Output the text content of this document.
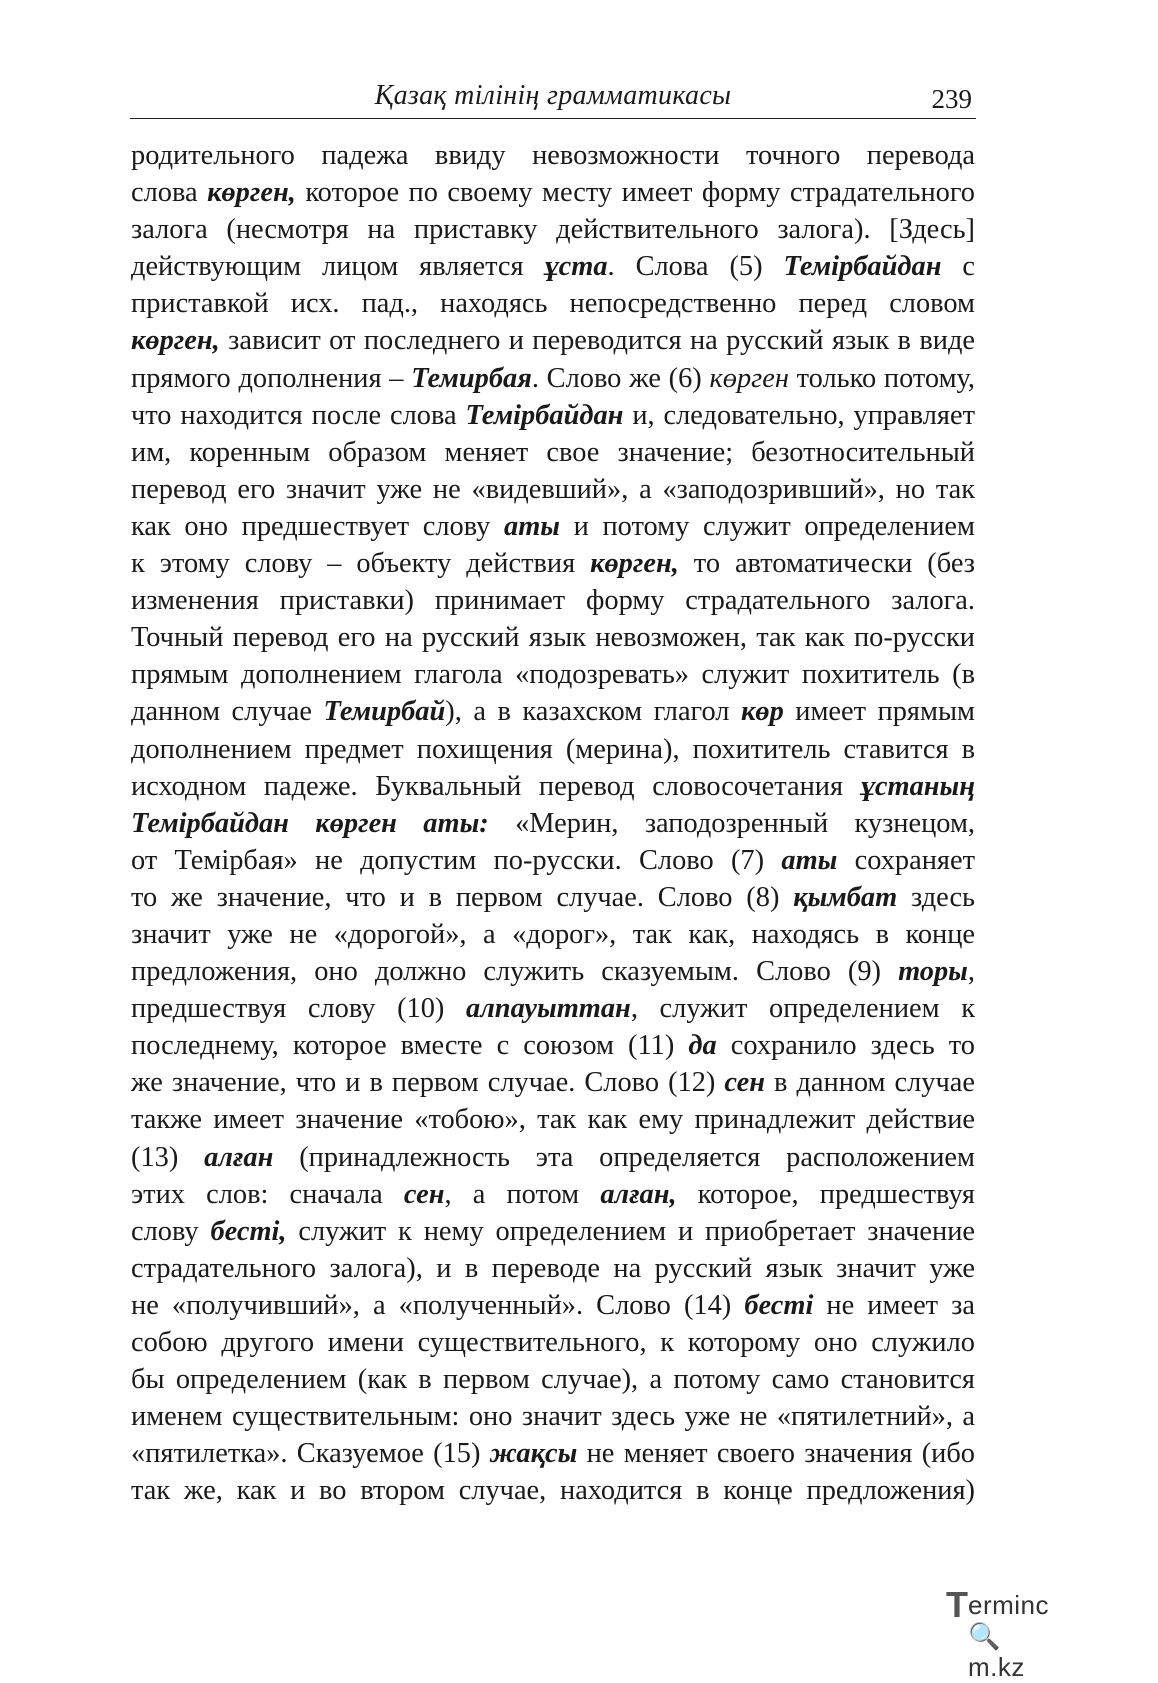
Қазақ тілінің грамматикасы	239
родительного падежа ввиду невозможности точного перевода
слова көрген, которое по своему месту имеет форму страдательного
залога (несмотря на приставку действительного залога). [Здесь]
действующим лицом является ұста. Слова (5) Темірбайдан с
приставкой исх. пад., находясь непосредственно перед словом
көрген, зависит от последнего и переводится на русский язык в виде
прямого дополнения – Темирбая. Слово же (6) көрген только потому,
что находится после слова Темірбайдан и, следовательно, управляет
им, коренным образом меняет свое значение; безотносительный
перевод его значит уже не «видевший», а «заподозривший», но так
как оно предшествует слову аты и потому служит определением
к этому слову – объекту действия көрген, то автоматически (без
изменения приставки) принимает форму страдательного залога.
Точный перевод его на русский язык невозможен, так как по-русски
прямым дополнением глагола «подозревать» служит похититель (в
данном случае Темирбай), а в казахском глагол көр имеет прямым
дополнением предмет похищения (мерина), похититель ставится в
исходном падеже. Буквальный перевод словосочетания ұстаның
Темірбайдан көрген аты: «Мерин, заподозренный кузнецом,
от Темірбая» не допустим по-русски. Слово (7) аты сохраняет
то же значение, что и в первом случае. Слово (8) қымбат здесь
значит уже не «дорогой», а «дорог», так как, находясь в конце
предложения, оно должно служить сказуемым. Слово (9) торы,
предшествуя слову (10) алпауыттан, служит определением к
последнему, которое вместе с союзом (11) да сохранило здесь то
же значение, что и в первом случае. Слово (12) сен в данном случае
также имеет значение «тобою», так как ему принадлежит действие
(13) алған (принадлежность эта определяется расположением
этих слов: сначала сен, а потом алған, которое, предшествуя
слову бесті, служит к нему определением и приобретает значение
страдательного залога), и в переводе на русский язык значит уже
не «получивший», а «полученный». Слово (14) бесті не имеет за
собою другого имени существительного, к которому оно служило
бы определением (как в первом случае), а потому само становится
именем существительным: оно значит здесь уже не «пятилетний», а
«пятилетка». Сказуемое (15) жақсы не меняет своего значения (ибо
так же, как и во втором случае, находится в конце предложения)
T erminc🔍m.kz
